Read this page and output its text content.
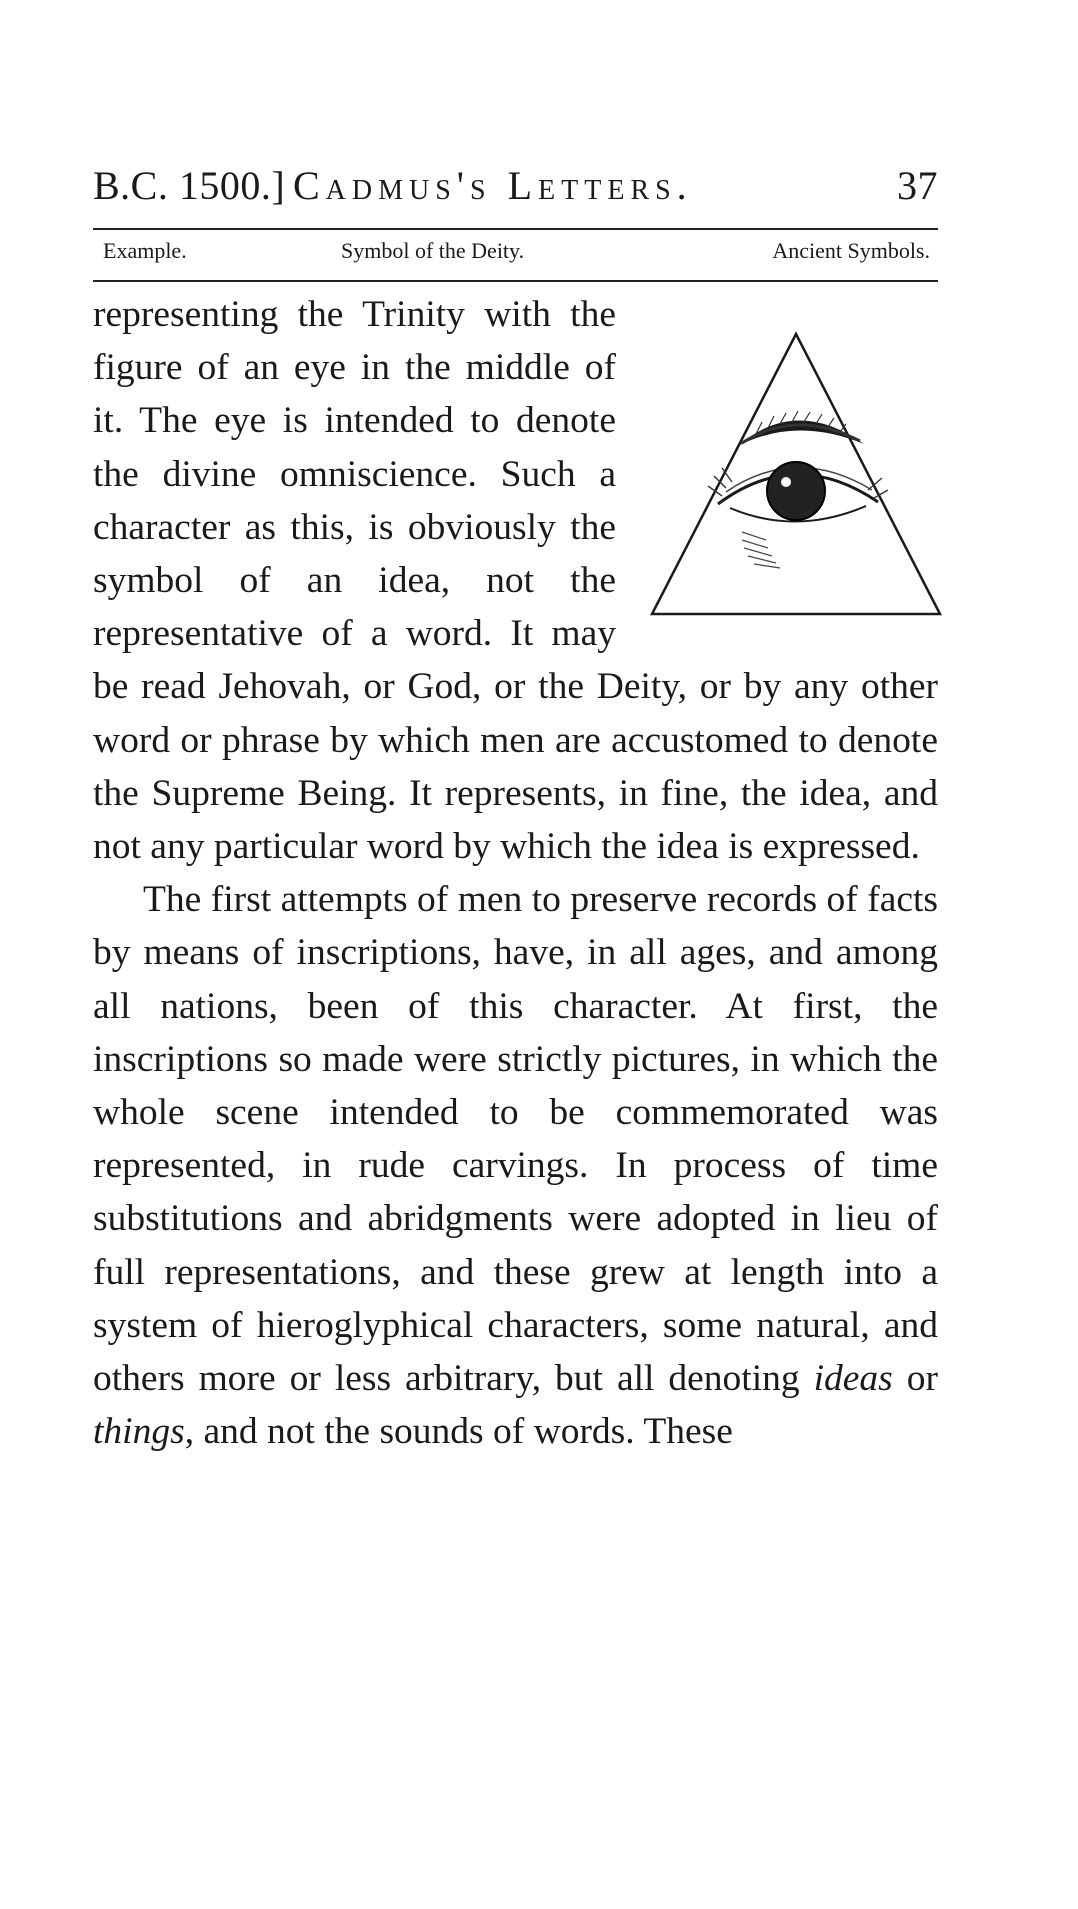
B.C. 1500.] Cadmus's Letters.	37
Example.	Symbol of the Deity.	Ancient Symbols.

representing the Trinity with the figure of an eye in the middle of it. The eye is intended to denote the divine omniscience. Such a character as this, is obviously the symbol of an idea, not the representative of a word. It may be read Jehovah, or God, or the Deity, or by any other word or phrase by which men are accustomed to denote the Supreme Being. It represents, in fine, the idea, and not any particular word by which the idea is expressed.

The first attempts of men to preserve records of facts by means of inscriptions, have, in all ages, and among all nations, been of this character. At first, the inscriptions so made were strictly pictures, in which the whole scene intended to be commemorated was represented, in rude carvings. In process of time substitutions and abridgments were adopted in lieu of full representations, and these grew at length into a system of hieroglyphical characters, some natural, and others more or less arbitrary, but all denoting ideas or things, and not the sounds of words. These
